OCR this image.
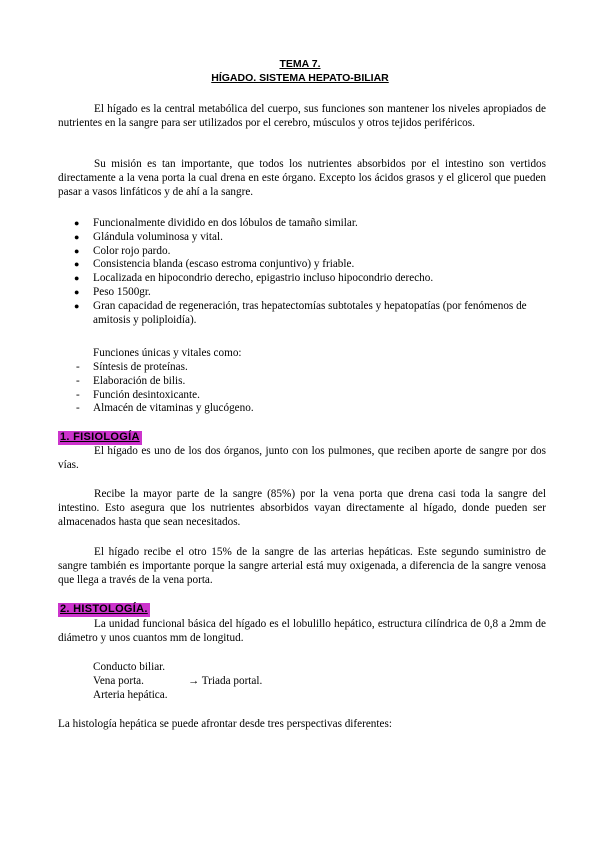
TEMA 7.
HÍGADO. SISTEMA HEPATO-BILIAR
El hígado es la central metabólica del cuerpo, sus funciones son mantener los niveles apropiados de nutrientes en la sangre para ser utilizados por el cerebro, músculos y otros tejidos periféricos.
Su misión es tan importante, que todos los nutrientes absorbidos por el intestino son vertidos directamente a la vena porta la cual drena en este órgano. Excepto los ácidos grasos y el glicerol que pueden pasar a vasos linfáticos y de ahí a la sangre.
● Funcionalmente dividido en dos lóbulos de tamaño similar.
● Glándula voluminosa y vital.
● Color rojo pardo.
● Consistencia blanda (escaso estroma conjuntivo) y friable.
● Localizada en hipocondrio derecho, epigastrio incluso hipocondrio derecho.
● Peso 1500gr.
● Gran capacidad de regeneración, tras hepatectomías subtotales y hepatopatías (por fenómenos de amitosis y poliploidía).
Funciones únicas y vitales como:
- Síntesis de proteínas.
- Elaboración de bilis.
- Función desintoxicante.
- Almacén de vitaminas y glucógeno.
1. FISIOLOGÍA
El hígado es uno de los dos órganos, junto con los pulmones, que reciben aporte de sangre por dos vías.
Recibe la mayor parte de la sangre (85%) por la vena porta que drena casi toda la sangre del intestino. Esto asegura que los nutrientes absorbidos vayan directamente al hígado, donde pueden ser almacenados hasta que sean necesitados.
El hígado recibe el otro 15% de la sangre de las arterias hepáticas. Este segundo suministro de sangre también es importante porque la sangre arterial está muy oxigenada, a diferencia de la sangre venosa que llega a través de la vena porta.
2. HISTOLOGÍA.
La unidad funcional básica del hígado es el lobulillo hepático, estructura cilíndrica de 0,8 a 2mm de diámetro y unos cuantos mm de longitud.
Conducto biliar.
Vena porta.	→ Triada portal.
Arteria hepática.
La histología hepática se puede afrontar desde tres perspectivas diferentes:
